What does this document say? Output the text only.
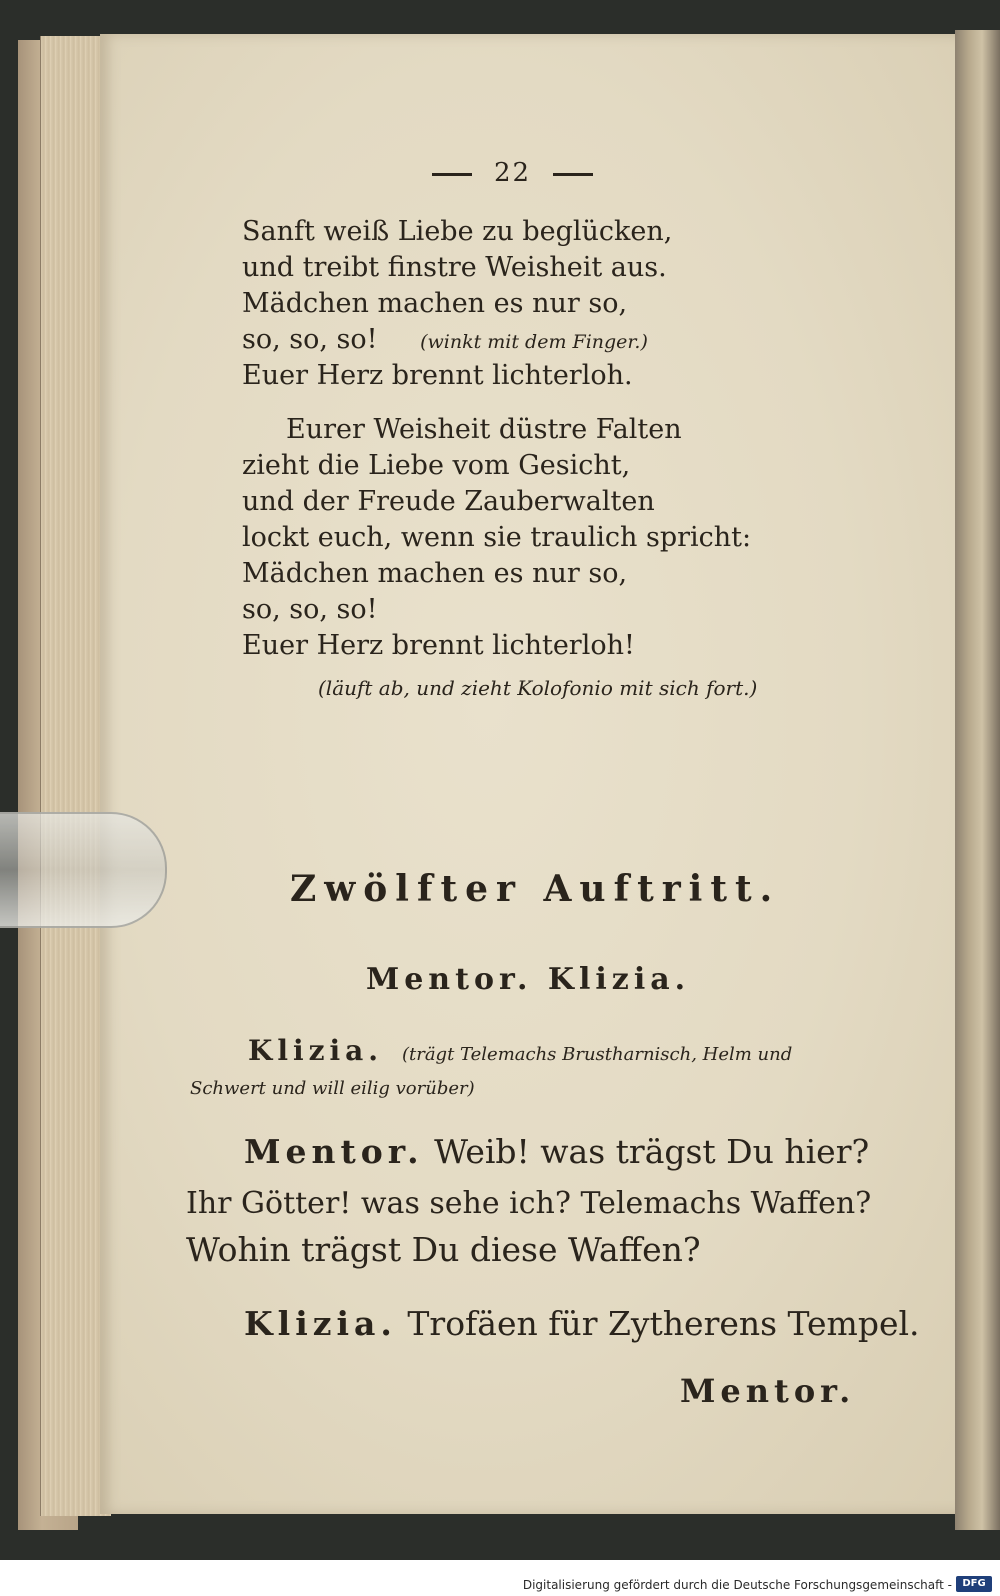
22
Sanft weiß Liebe zu beglücken,
und treibt finstre Weisheit aus.
Mädchen machen es nur so,
so, so, so! (winkt mit dem Finger.)
Euer Herz brennt lichterloh.
Eurer Weisheit düstre Falten
zieht die Liebe vom Gesicht,
und der Freude Zauberwalten
lockt euch, wenn sie traulich spricht:
Mädchen machen es nur so,
so, so, so!
Euer Herz brennt lichterloh!
(läuft ab, und zieht Kolofonio mit sich fort.)
Zwölfter Auftritt.
Mentor. Klizia.
Klizia. (trägt Telemachs Brustharnisch, Helm und
Schwert und will eilig vorüber)
Mentor. Weib! was trägst Du hier?
Ihr Götter! was sehe ich? Telemachs Waffen?
Wohin trägst Du diese Waffen?
Klizia. Trofäen für Zytherens Tempel.
Mentor.
Digitalisierung gefördert durch die Deutsche Forschungsgemeinschaft -	DFG
